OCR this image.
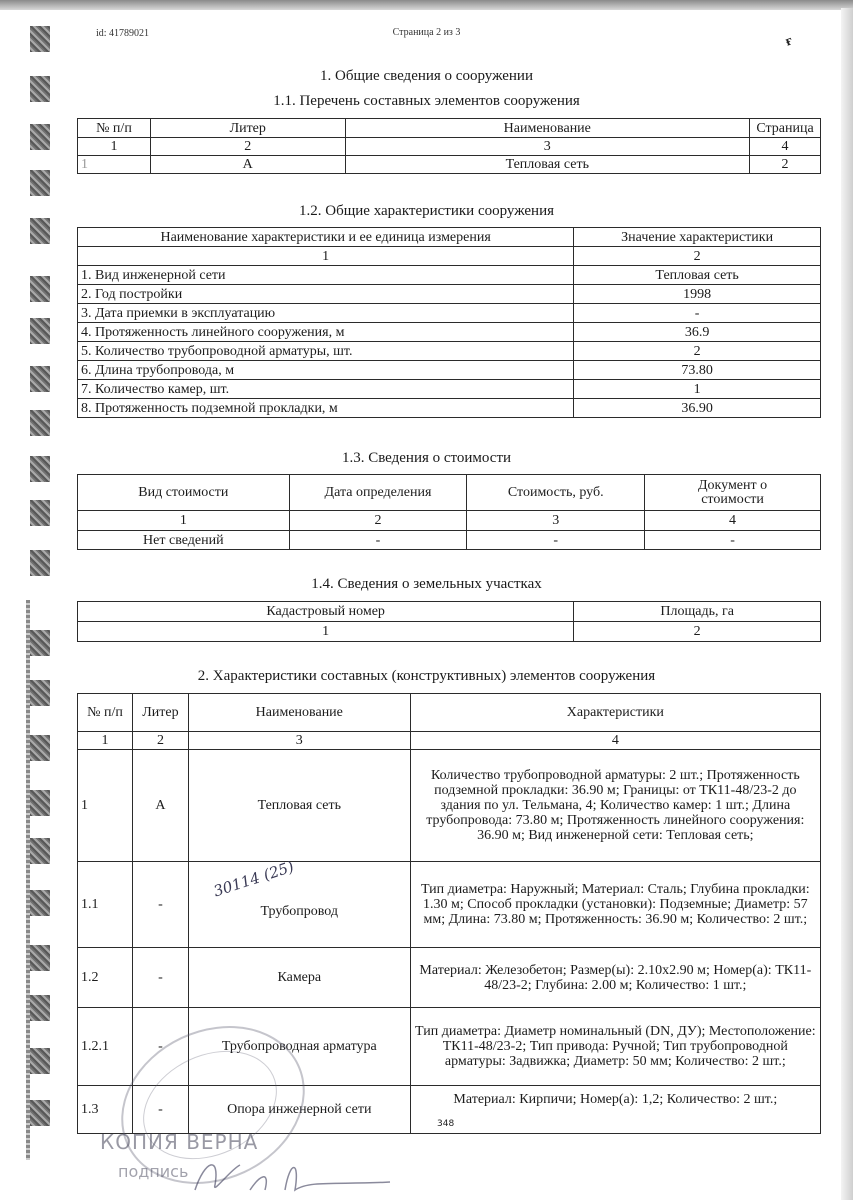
id: 41789021	Страница 2 из 3
ғ
1. Общие сведения о сооружении
1.1. Перечень составных элементов сооружения
№ п/п	Литер	Наименование	Страница
1	2	3	4
1	А	Тепловая сеть	2
1.2. Общие характеристики сооружения
Наименование характеристики и ее единица измерения	Значение характеристики
1	2
1. Вид инженерной сети	Тепловая сеть
2. Год постройки	1998
3. Дата приемки в эксплуатацию	-
4. Протяженность линейного сооружения, м	36.9
5. Количество трубопроводной арматуры, шт.	2
6. Длина трубопровода, м	73.80
7. Количество камер, шт.	1
8. Протяженность подземной прокладки, м	36.90
1.3. Сведения о стоимости
Вид стоимости	Дата определения	Стоимость, руб.	Документ о стоимости
1	2	3	4
Нет сведений	-	-	-
1.4. Сведения о земельных участках
Кадастровый номер	Площадь, га
1	2
2. Характеристики составных (конструктивных) элементов сооружения
№ п/п	Литер	Наименование	Характеристики
1	2	3	4
1	А	Тепловая сеть	Количество трубопроводной арматуры: 2 шт.; Протяженность подземной прокладки: 36.90 м; Границы: от ТК11-48/23-2 до здания по ул. Тельмана, 4; Количество камер: 1 шт.; Длина трубопровода: 73.80 м; Протяженность линейного сооружения: 36.90 м; Вид инженерной сети: Тепловая сеть;
1.1	-	Трубопровод	Тип диаметра: Наружный; Материал: Сталь; Глубина прокладки: 1.30 м; Способ прокладки (установки): Подземные; Диаметр: 57 мм; Длина: 73.80 м; Протяженность: 36.90 м; Количество: 2 шт.;
1.2	-	Камера	Материал: Железобетон; Размер(ы): 2.10x2.90 м; Номер(а): ТК11-48/23-2; Глубина: 2.00 м; Количество: 1 шт.;
1.2.1	-	Трубопроводная арматура	Тип диаметра: Диаметр номинальный (DN, ДУ); Местоположение: ТК11-48/23-2; Тип привода: Ручной; Тип трубопроводной арматуры: Задвижка; Диаметр: 50 мм; Количество: 2 шт.;
1.3	-	Опора инженерной сети	Материал: Кирпичи; Номер(а): 1,2; Количество: 2 шт.;
30114 (25)
КОПИЯ ВЕРНА
подпись
348
